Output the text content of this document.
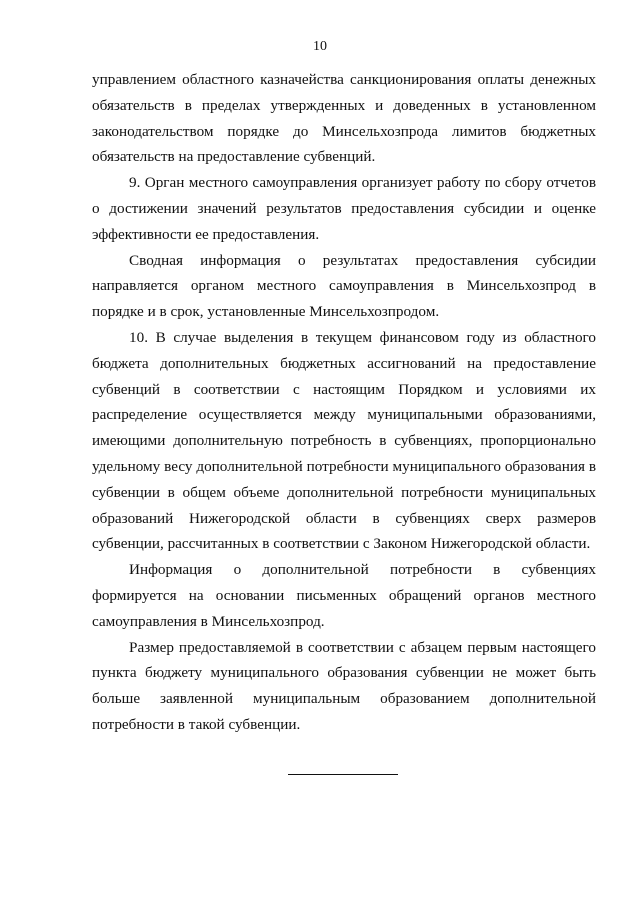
10

управлением областного казначейства санкционирования оплаты денежных обязательств в пределах утвержденных и доведенных в установленном законодательством порядке до Минсельхозпрода лимитов бюджетных обязательств на предоставление субвенций.

9. Орган местного самоуправления организует работу по сбору отчетов о достижении значений результатов предоставления субсидии и оценке эффективности ее предоставления.

Сводная информация о результатах предоставления субсидии направляется органом местного самоуправления в Минсельхозпрод в порядке и в срок, установленные Минсельхозпродом.

10. В случае выделения в текущем финансовом году из областного бюджета дополнительных бюджетных ассигнований на предоставление субвенций в соответствии с настоящим Порядком и условиями их распределение осуществляется между муниципальными образованиями, имеющими дополнительную потребность в субвенциях, пропорционально удельному весу дополнительной потребности муниципального образования в субвенции в общем объеме дополнительной потребности муниципальных образований Нижегородской области в субвенциях сверх размеров субвенции, рассчитанных в соответствии с Законом Нижегородской области.

Информация о дополнительной потребности в субвенциях формируется на основании письменных обращений органов местного самоуправления в Минсельхозпрод.

Размер предоставляемой в соответствии с абзацем первым настоящего пункта бюджету муниципального образования субвенции не может быть больше заявленной муниципальным образованием дополнительной потребности в такой субвенции.
